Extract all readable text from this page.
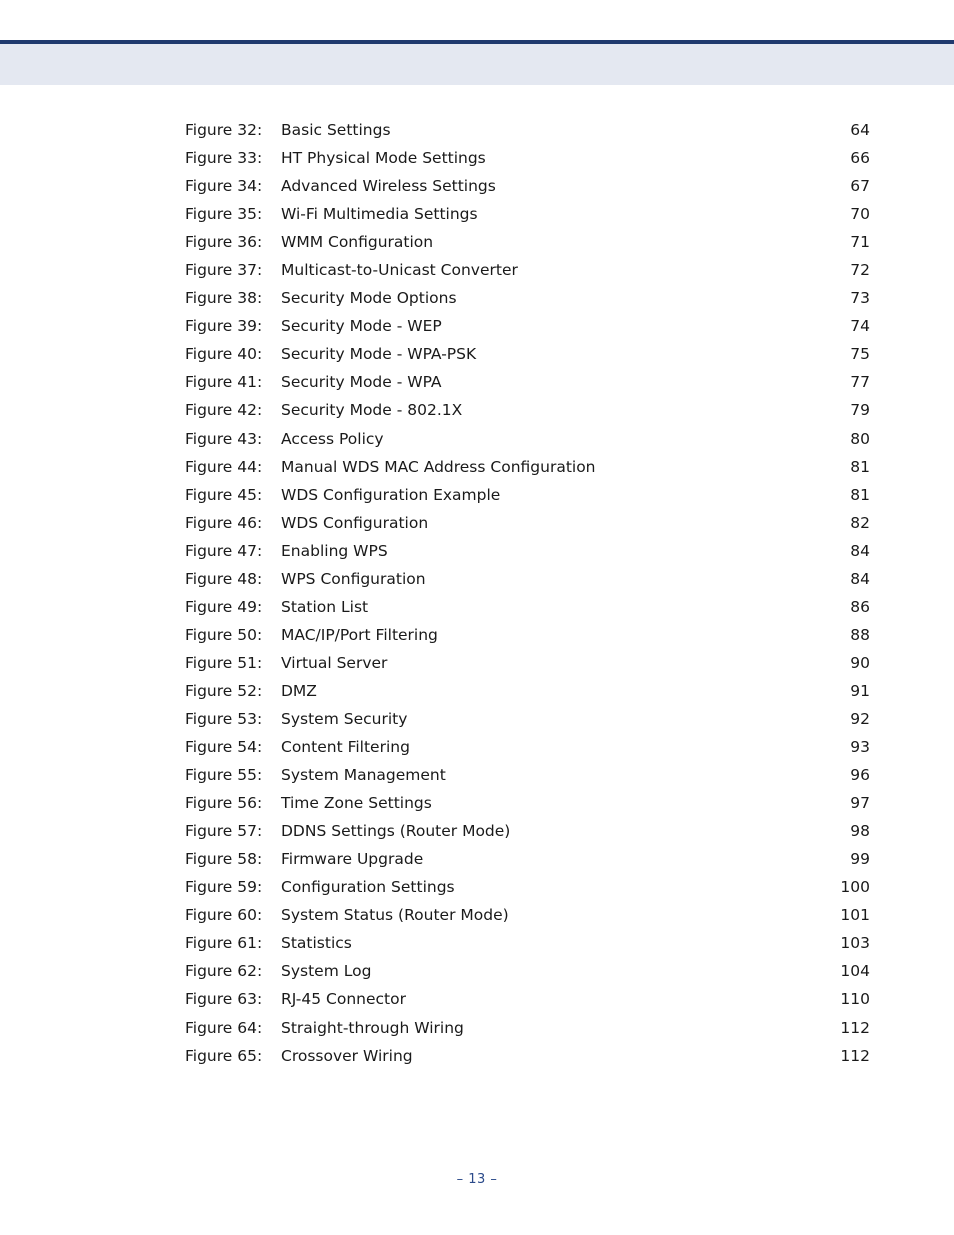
Figure 32:	Basic Settings	64
Figure 33:	HT Physical Mode Settings	66
Figure 34:	Advanced Wireless Settings	67
Figure 35:	Wi-Fi Multimedia Settings	70
Figure 36:	WMM Configuration	71
Figure 37:	Multicast-to-Unicast Converter	72
Figure 38:	Security Mode Options	73
Figure 39:	Security Mode - WEP	74
Figure 40:	Security Mode - WPA-PSK	75
Figure 41:	Security Mode - WPA	77
Figure 42:	Security Mode - 802.1X	79
Figure 43:	Access Policy	80
Figure 44:	Manual WDS MAC Address Configuration	81
Figure 45:	WDS Configuration Example	81
Figure 46:	WDS Configuration	82
Figure 47:	Enabling WPS	84
Figure 48:	WPS Configuration	84
Figure 49:	Station List	86
Figure 50:	MAC/IP/Port Filtering	88
Figure 51:	Virtual Server	90
Figure 52:	DMZ	91
Figure 53:	System Security	92
Figure 54:	Content Filtering	93
Figure 55:	System Management	96
Figure 56:	Time Zone Settings	97
Figure 57:	DDNS Settings (Router Mode)	98
Figure 58:	Firmware Upgrade	99
Figure 59:	Configuration Settings	100
Figure 60:	System Status (Router Mode)	101
Figure 61:	Statistics	103
Figure 62:	System Log	104
Figure 63:	RJ-45 Connector	110
Figure 64:	Straight-through Wiring	112
Figure 65:	Crossover Wiring	112
– 13 –
